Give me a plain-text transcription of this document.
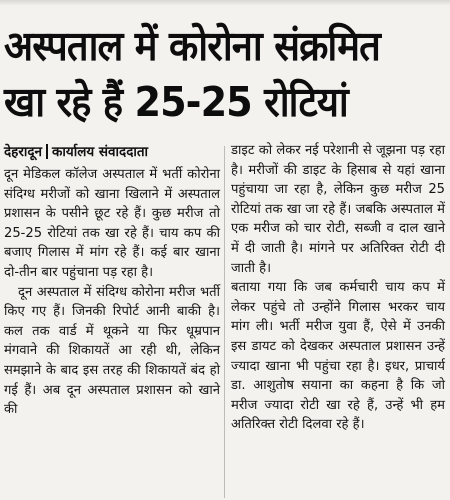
अस्पताल में कोरोना संक्रमित
खा रहे हैं 25-25 रोटियां
देहरादून कार्यालय संवाददाता

दून मेडिकल कॉलेज अस्पताल में भर्ती कोरोना संदिग्ध मरीजों को खाना खिलाने में अस्पताल प्रशासन के पसीने छूट रहे हैं। कुछ मरीज तो 25-25 रोटियां तक खा रहे हैं। चाय कप की बजाए गिलास में मांग रहे हैं। कई बार खाना दो-तीन बार पहुंचाना पड़ रहा है।

दून अस्पताल में संदिग्ध कोरोना मरीज भर्ती किए गए हैं। जिनकी रिपोर्ट आनी बाकी है। कल तक वार्ड में थूकने या फिर धूम्रपान मंगवाने की शिकायतें आ रही थी, लेकिन समझाने के बाद इस तरह की शिकायतें बंद हो गई हैं। अब दून अस्पताल प्रशासन को खाने की

डाइट को लेकर नई परेशानी से जूझना पड़ रहा है। मरीजों की डाइट के हिसाब से यहां खाना पहुंचाया जा रहा है, लेकिन कुछ मरीज 25 रोटियां तक खा जा रहे हैं। जबकि अस्पताल में एक मरीज को चार रोटी, सब्जी व दाल खाने में दी जाती है। मांगने पर अतिरिक्त रोटी दी जाती है।

बताया गया कि जब कर्मचारी चाय कप में लेकर पहुंचे तो उन्होंने गिलास भरकर चाय मांग ली। भर्ती मरीज युवा हैं, ऐसे में उनकी इस डायट को देखकर अस्पताल प्रशासन उन्हें ज्यादा खाना भी पहुंचा रहा है। इधर, प्राचार्य डा. आशुतोष सयाना का कहना है कि जो मरीज ज्यादा रोटी खा रहे हैं, उन्हें भी हम अतिरिक्त रोटी दिलवा रहे हैं।
